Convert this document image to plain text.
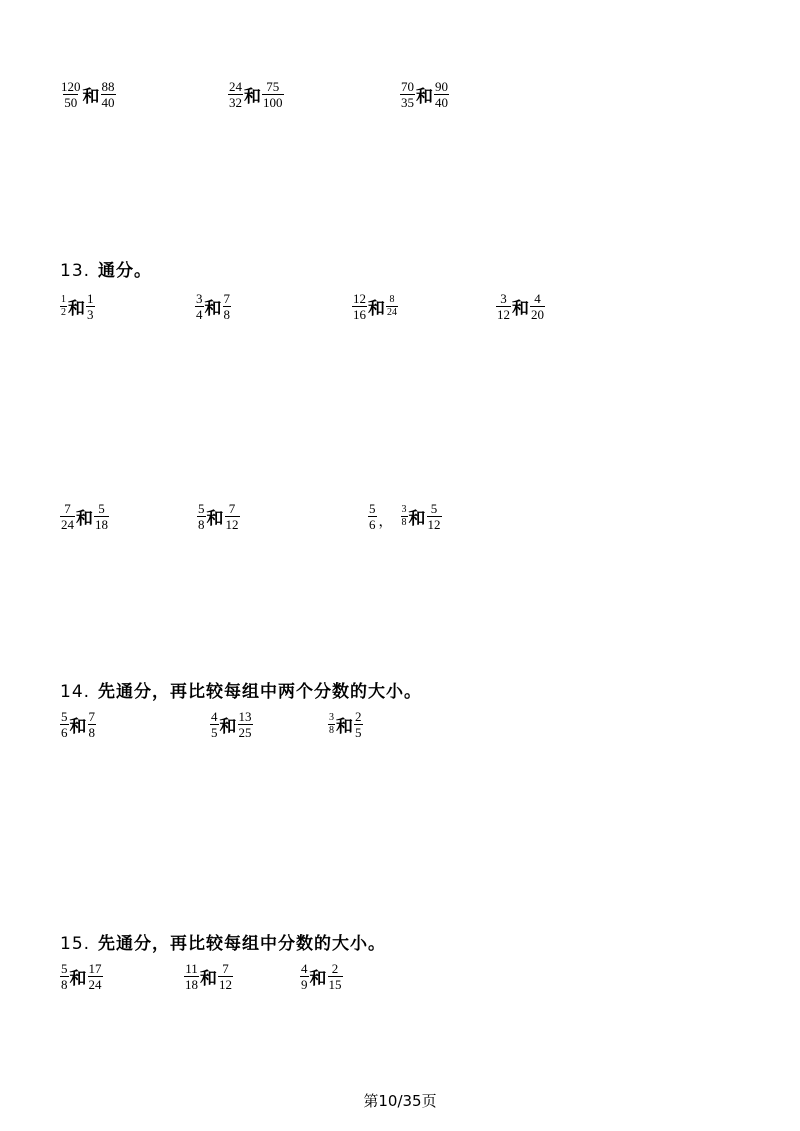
$\frac{120}{50}$ 和 $\frac{88}{40}$	$\frac{24}{32}$ 和 $\frac{75}{100}$	$\frac{70}{35}$ 和 $\frac{90}{40}$
13. 通分。
$\frac{1}{2}$ 和 $\frac{1}{3}$	$\frac{3}{4}$ 和 $\frac{7}{8}$	$\frac{12}{16}$ 和 $\frac{8}{24}$	$\frac{3}{12}$ 和 $\frac{4}{20}$
$\frac{7}{24}$ 和 $\frac{5}{18}$	$\frac{5}{8}$ 和 $\frac{7}{12}$	$\frac{5}{6}$ ， $\frac{3}{8}$ 和 $\frac{5}{12}$
14. 先通分，再比较每组中两个分数的大小。
$\frac{5}{6}$ 和 $\frac{7}{8}$	$\frac{4}{5}$ 和 $\frac{13}{25}$	$\frac{3}{8}$ 和 $\frac{2}{5}$
15. 先通分，再比较每组中分数的大小。
$\frac{5}{8}$ 和 $\frac{17}{24}$	$\frac{11}{18}$ 和 $\frac{7}{12}$	$\frac{4}{9}$ 和 $\frac{2}{15}$
第10/35页
